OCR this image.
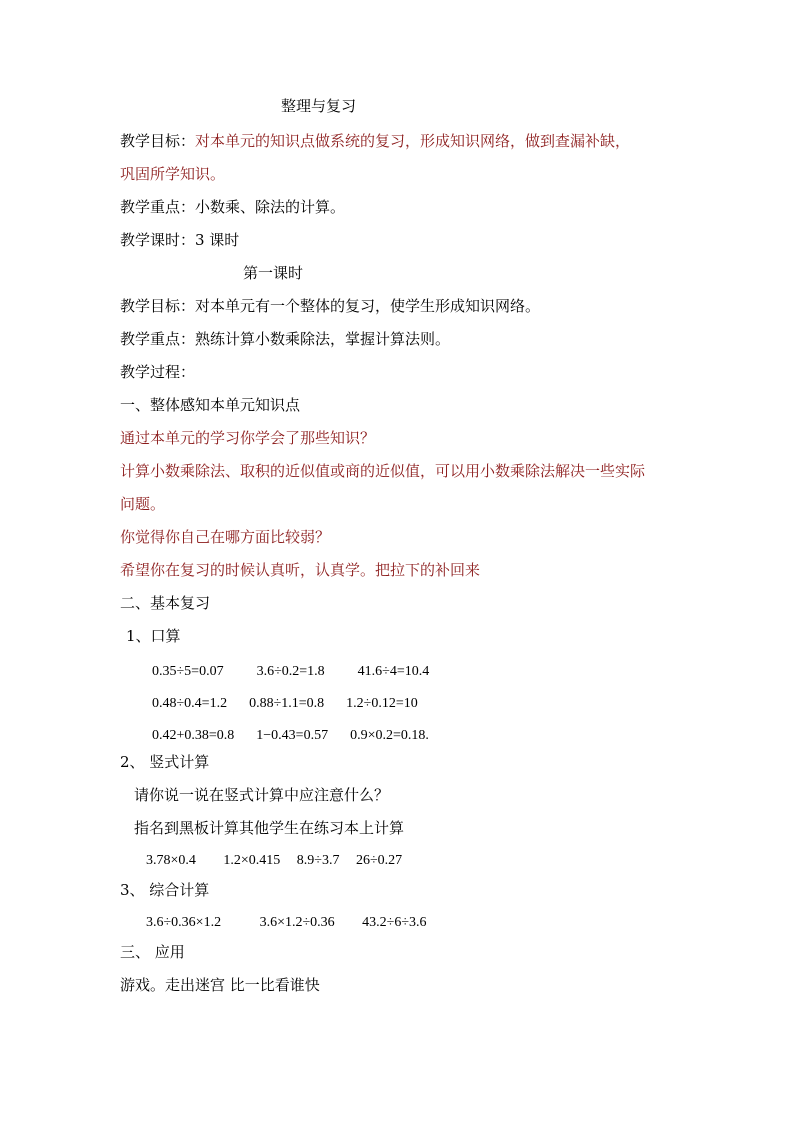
整理与复习
教学目标：对本单元的知识点做系统的复习，形成知识网络，做到查漏补缺，
巩固所学知识。
教学重点：小数乘、除法的计算。
教学课时：3 课时
第一课时
教学目标：对本单元有一个整体的复习，使学生形成知识网络。
教学重点：熟练计算小数乘除法，掌握计算法则。
教学过程：
一、整体感知本单元知识点
通过本单元的学习你学会了那些知识？
计算小数乘除法、取积的近似值或商的近似值，可以用小数乘除法解决一些实际
问题。
你觉得你自己在哪方面比较弱？
希望你在复习的时候认真听，认真学。把拉下的补回来
二、基本复习
1、口算
0.35÷5=0.07      3.6÷0.2=1.8      41.6÷4=10.4
0.48÷0.4=1.2    0.88÷1.1=0.8    1.2÷0.12=10
0.42+0.38=0.8    1−0.43=0.57    0.9×0.2=0.18.
2、 竖式计算
请你说一说在竖式计算中应注意什么？
指名到黑板计算其他学生在练习本上计算
3.78×0.4     1.2×0.415   8.9÷3.7   26÷0.27
3、 综合计算
3.6÷0.36×1.2       3.6×1.2÷0.36     43.2÷6÷3.6
三、 应用
游戏。走出迷宫 比一比看谁快
